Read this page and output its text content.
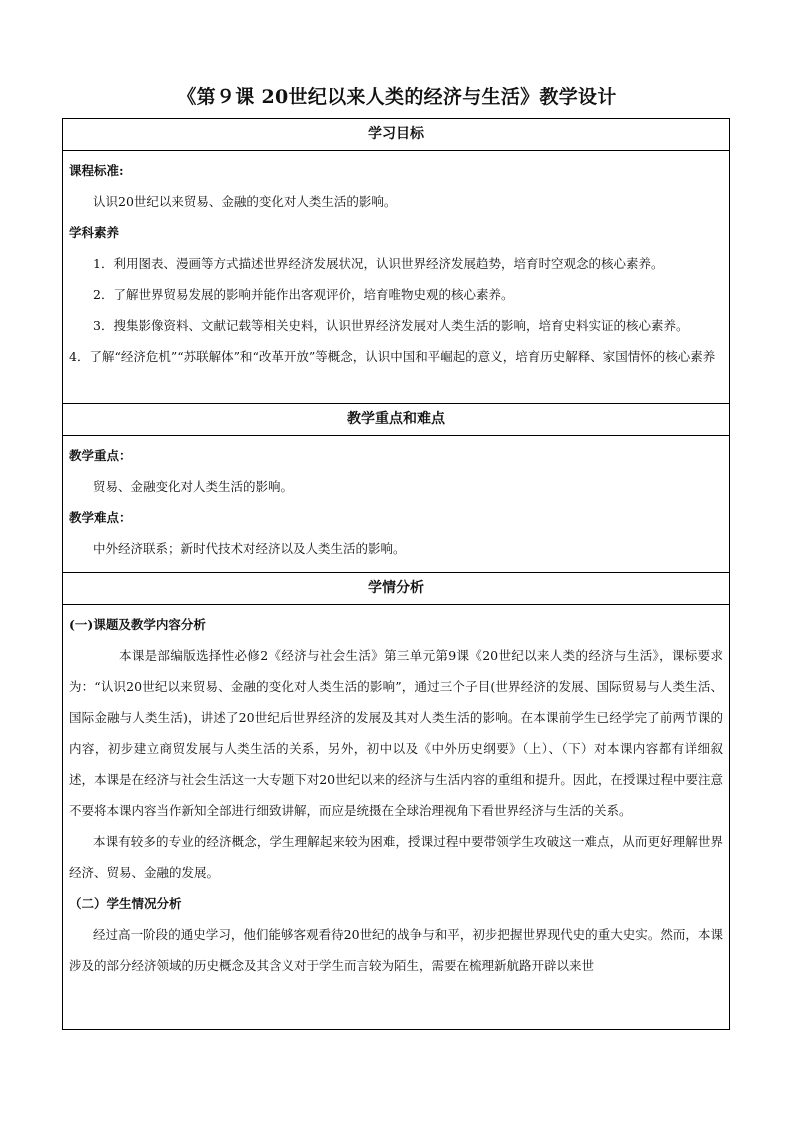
《第９课 20世纪以来人类的经济与生活》教学设计
学习目标

课程标准:

认识20世纪以来贸易、金融的变化对人类生活的影响。

学科素养

1．利用图表、漫画等方式描述世界经济发展状况，认识世界经济发展趋势，培育时空观念的核心素养。

2．了解世界贸易发展的影响并能作出客观评价，培育唯物史观的核心素养。

3．搜集影像资料、文献记载等相关史料，认识世界经济发展对人类生活的影响，培育史料实证的核心素养。

4．了解“经济危机”“苏联解体”和“改革开放”等概念，认识中国和平崛起的意义，培育历史解释、家国情怀的核心素养

教学重点和难点

教学重点：

贸易、金融变化对人类生活的影响。

教学难点：

中外经济联系；新时代技术对经济以及人类生活的影响。

学情分析

(一)课题及教学内容分析

本课是部编版选择性必修2《经济与社会生活》第三单元第9课《20世纪以来人类的经济与生活》，课标要求为：“认识20世纪以来贸易、金融的变化对人类生活的影响”，通过三个子目(世界经济的发展、国际贸易与人类生活、国际金融与人类生活)，讲述了20世纪后世界经济的发展及其对人类生活的影响。在本课前学生已经学完了前两节课的内容，初步建立商贸发展与人类生活的关系，另外，初中以及《中外历史纲要》（上）、（下）对本课内容都有详细叙述，本课是在经济与社会生活这一大专题下对20世纪以来的经济与生活内容的重组和提升。因此，在授课过程中要注意不要将本课内容当作新知全部进行细致讲解，而应是统摄在全球治理视角下看世界经济与生活的关系。

本课有较多的专业的经济概念，学生理解起来较为困难，授课过程中要带领学生攻破这一难点，从而更好理解世界经济、贸易、金融的发展。

（二）学生情况分析

经过高一阶段的通史学习，他们能够客观看待20世纪的战争与和平，初步把握世界现代史的重大史实。然而，本课涉及的部分经济领域的历史概念及其含义对于学生而言较为陌生，需要在梳理新航路开辟以来世
